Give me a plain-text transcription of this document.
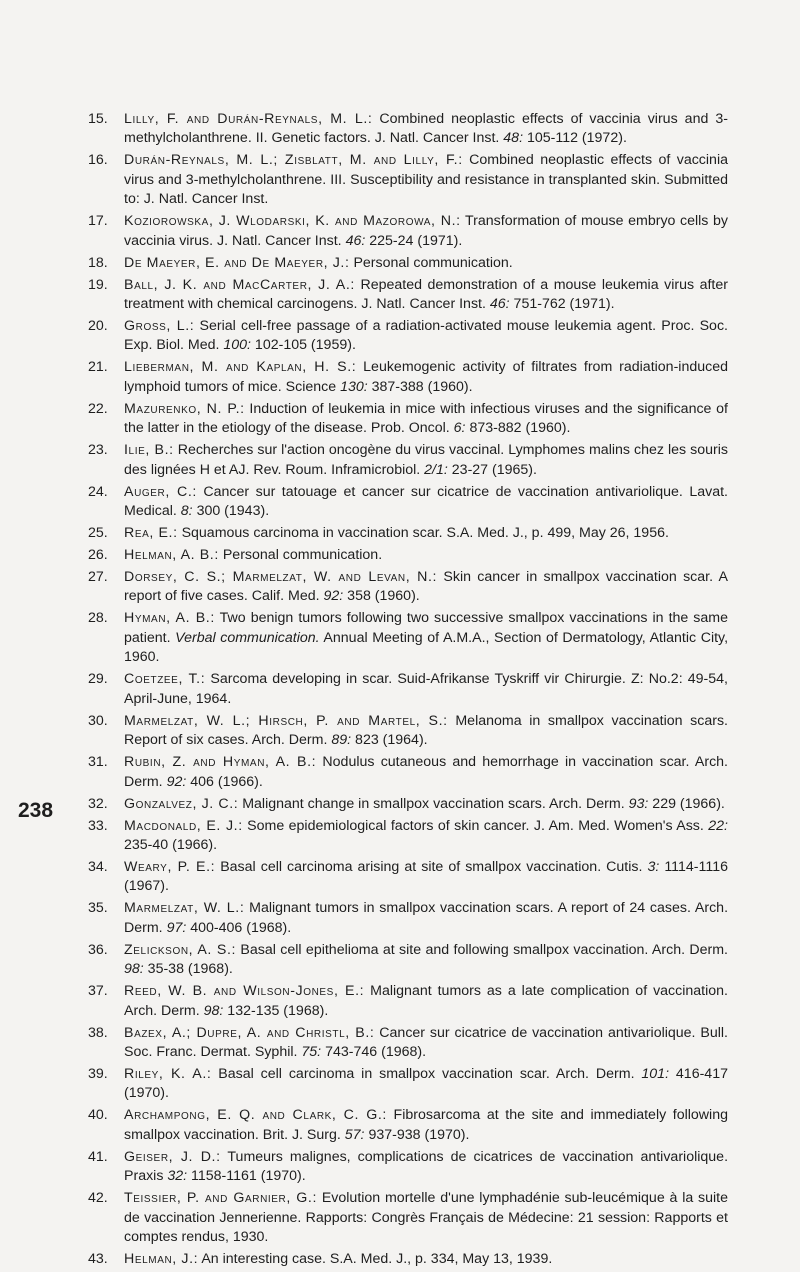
15.	Lilly, F. and Durán-Reynals, M. L.: Combined neoplastic effects of vaccinia virus and 3-methylcholanthrene. II. Genetic factors. J. Natl. Cancer Inst. 48: 105-112 (1972).
16.	Durán-Reynals, M. L.; Zisblatt, M. and Lilly, F.: Combined neoplastic effects of vaccinia virus and 3-methylcholanthrene. III. Susceptibility and resistance in transplanted skin. Submitted to: J. Natl. Cancer Inst.
17.	Koziorowska, J. Wlodarski, K. and Mazorowa, N.: Transformation of mouse embryo cells by vaccinia virus. J. Natl. Cancer Inst. 46: 225-24 (1971).
18.	De Maeyer, E. and De Maeyer, J.: Personal communication.
19.	Ball, J. K. and MacCarter, J. A.: Repeated demonstration of a mouse leukemia virus after treatment with chemical carcinogens. J. Natl. Cancer Inst. 46: 751-762 (1971).
20.	Gross, L.: Serial cell-free passage of a radiation-activated mouse leukemia agent. Proc. Soc. Exp. Biol. Med. 100: 102-105 (1959).
21.	Lieberman, M. and Kaplan, H. S.: Leukemogenic activity of filtrates from radiation-induced lymphoid tumors of mice. Science 130: 387-388 (1960).
22.	Mazurenko, N. P.: Induction of leukemia in mice with infectious viruses and the significance of the latter in the etiology of the disease. Prob. Oncol. 6: 873-882 (1960).
23.	Ilie, B.: Recherches sur l'action oncogène du virus vaccinal. Lymphomes malins chez les souris des lignées H et AJ. Rev. Roum. Inframicrobiol. 2/1: 23-27 (1965).
24.	Auger, C.: Cancer sur tatouage et cancer sur cicatrice de vaccination antivariolique. Lavat. Medical. 8: 300 (1943).
25.	Rea, E.: Squamous carcinoma in vaccination scar. S.A. Med. J., p. 499, May 26, 1956.
26.	Helman, A. B.: Personal communication.
27.	Dorsey, C. S.; Marmelzat, W. and Levan, N.: Skin cancer in smallpox vaccination scar. A report of five cases. Calif. Med. 92: 358 (1960).
28.	Hyman, A. B.: Two benign tumors following two successive smallpox vaccinations in the same patient. Verbal communication. Annual Meeting of A.M.A., Section of Dermatology, Atlantic City, 1960.
29.	Coetzee, T.: Sarcoma developing in scar. Suid-Afrikanse Tyskriff vir Chirurgie. Z: No.2: 49-54, April-June, 1964.
30.	Marmelzat, W. L.; Hirsch, P. and Martel, S.: Melanoma in smallpox vaccination scars. Report of six cases. Arch. Derm. 89: 823 (1964).
31.	Rubin, Z. and Hyman, A. B.: Nodulus cutaneous and hemorrhage in vaccination scar. Arch. Derm. 92: 406 (1966).
32.	Gonzalvez, J. C.: Malignant change in smallpox vaccination scars. Arch. Derm. 93: 229 (1966).
33.	Macdonald, E. J.: Some epidemiological factors of skin cancer. J. Am. Med. Women's Ass. 22: 235-40 (1966).
34.	Weary, P. E.: Basal cell carcinoma arising at site of smallpox vaccination. Cutis. 3: 1114-1116 (1967).
35.	Marmelzat, W. L.: Malignant tumors in smallpox vaccination scars. A report of 24 cases. Arch. Derm. 97: 400-406 (1968).
36.	Zelickson, A. S.: Basal cell epithelioma at site and following smallpox vaccination. Arch. Derm. 98: 35-38 (1968).
37.	Reed, W. B. and Wilson-Jones, E.: Malignant tumors as a late complication of vaccination. Arch. Derm. 98: 132-135 (1968).
38.	Bazex, A.; Dupre, A. and Christl, B.: Cancer sur cicatrice de vaccination antivariolique. Bull. Soc. Franc. Dermat. Syphil. 75: 743-746 (1968).
39.	Riley, K. A.: Basal cell carcinoma in smallpox vaccination scar. Arch. Derm. 101: 416-417 (1970).
40.	Archampong, E. Q. and Clark, C. G.: Fibrosarcoma at the site and immediately following smallpox vaccination. Brit. J. Surg. 57: 937-938 (1970).
41.	Geiser, J. D.: Tumeurs malignes, complications de cicatrices de vaccination antivariolique. Praxis 32: 1158-1161 (1970).
42.	Teissier, P. and Garnier, G.: Evolution mortelle d'une lymphadénie sub-leucémique à la suite de vaccination Jennerienne. Rapports: Congrès Français de Médecine: 21 session: Rapports et comptes rendus, 1930.
43.	Helman, J.: An interesting case. S.A. Med. J., p. 334, May 13, 1939.
238
